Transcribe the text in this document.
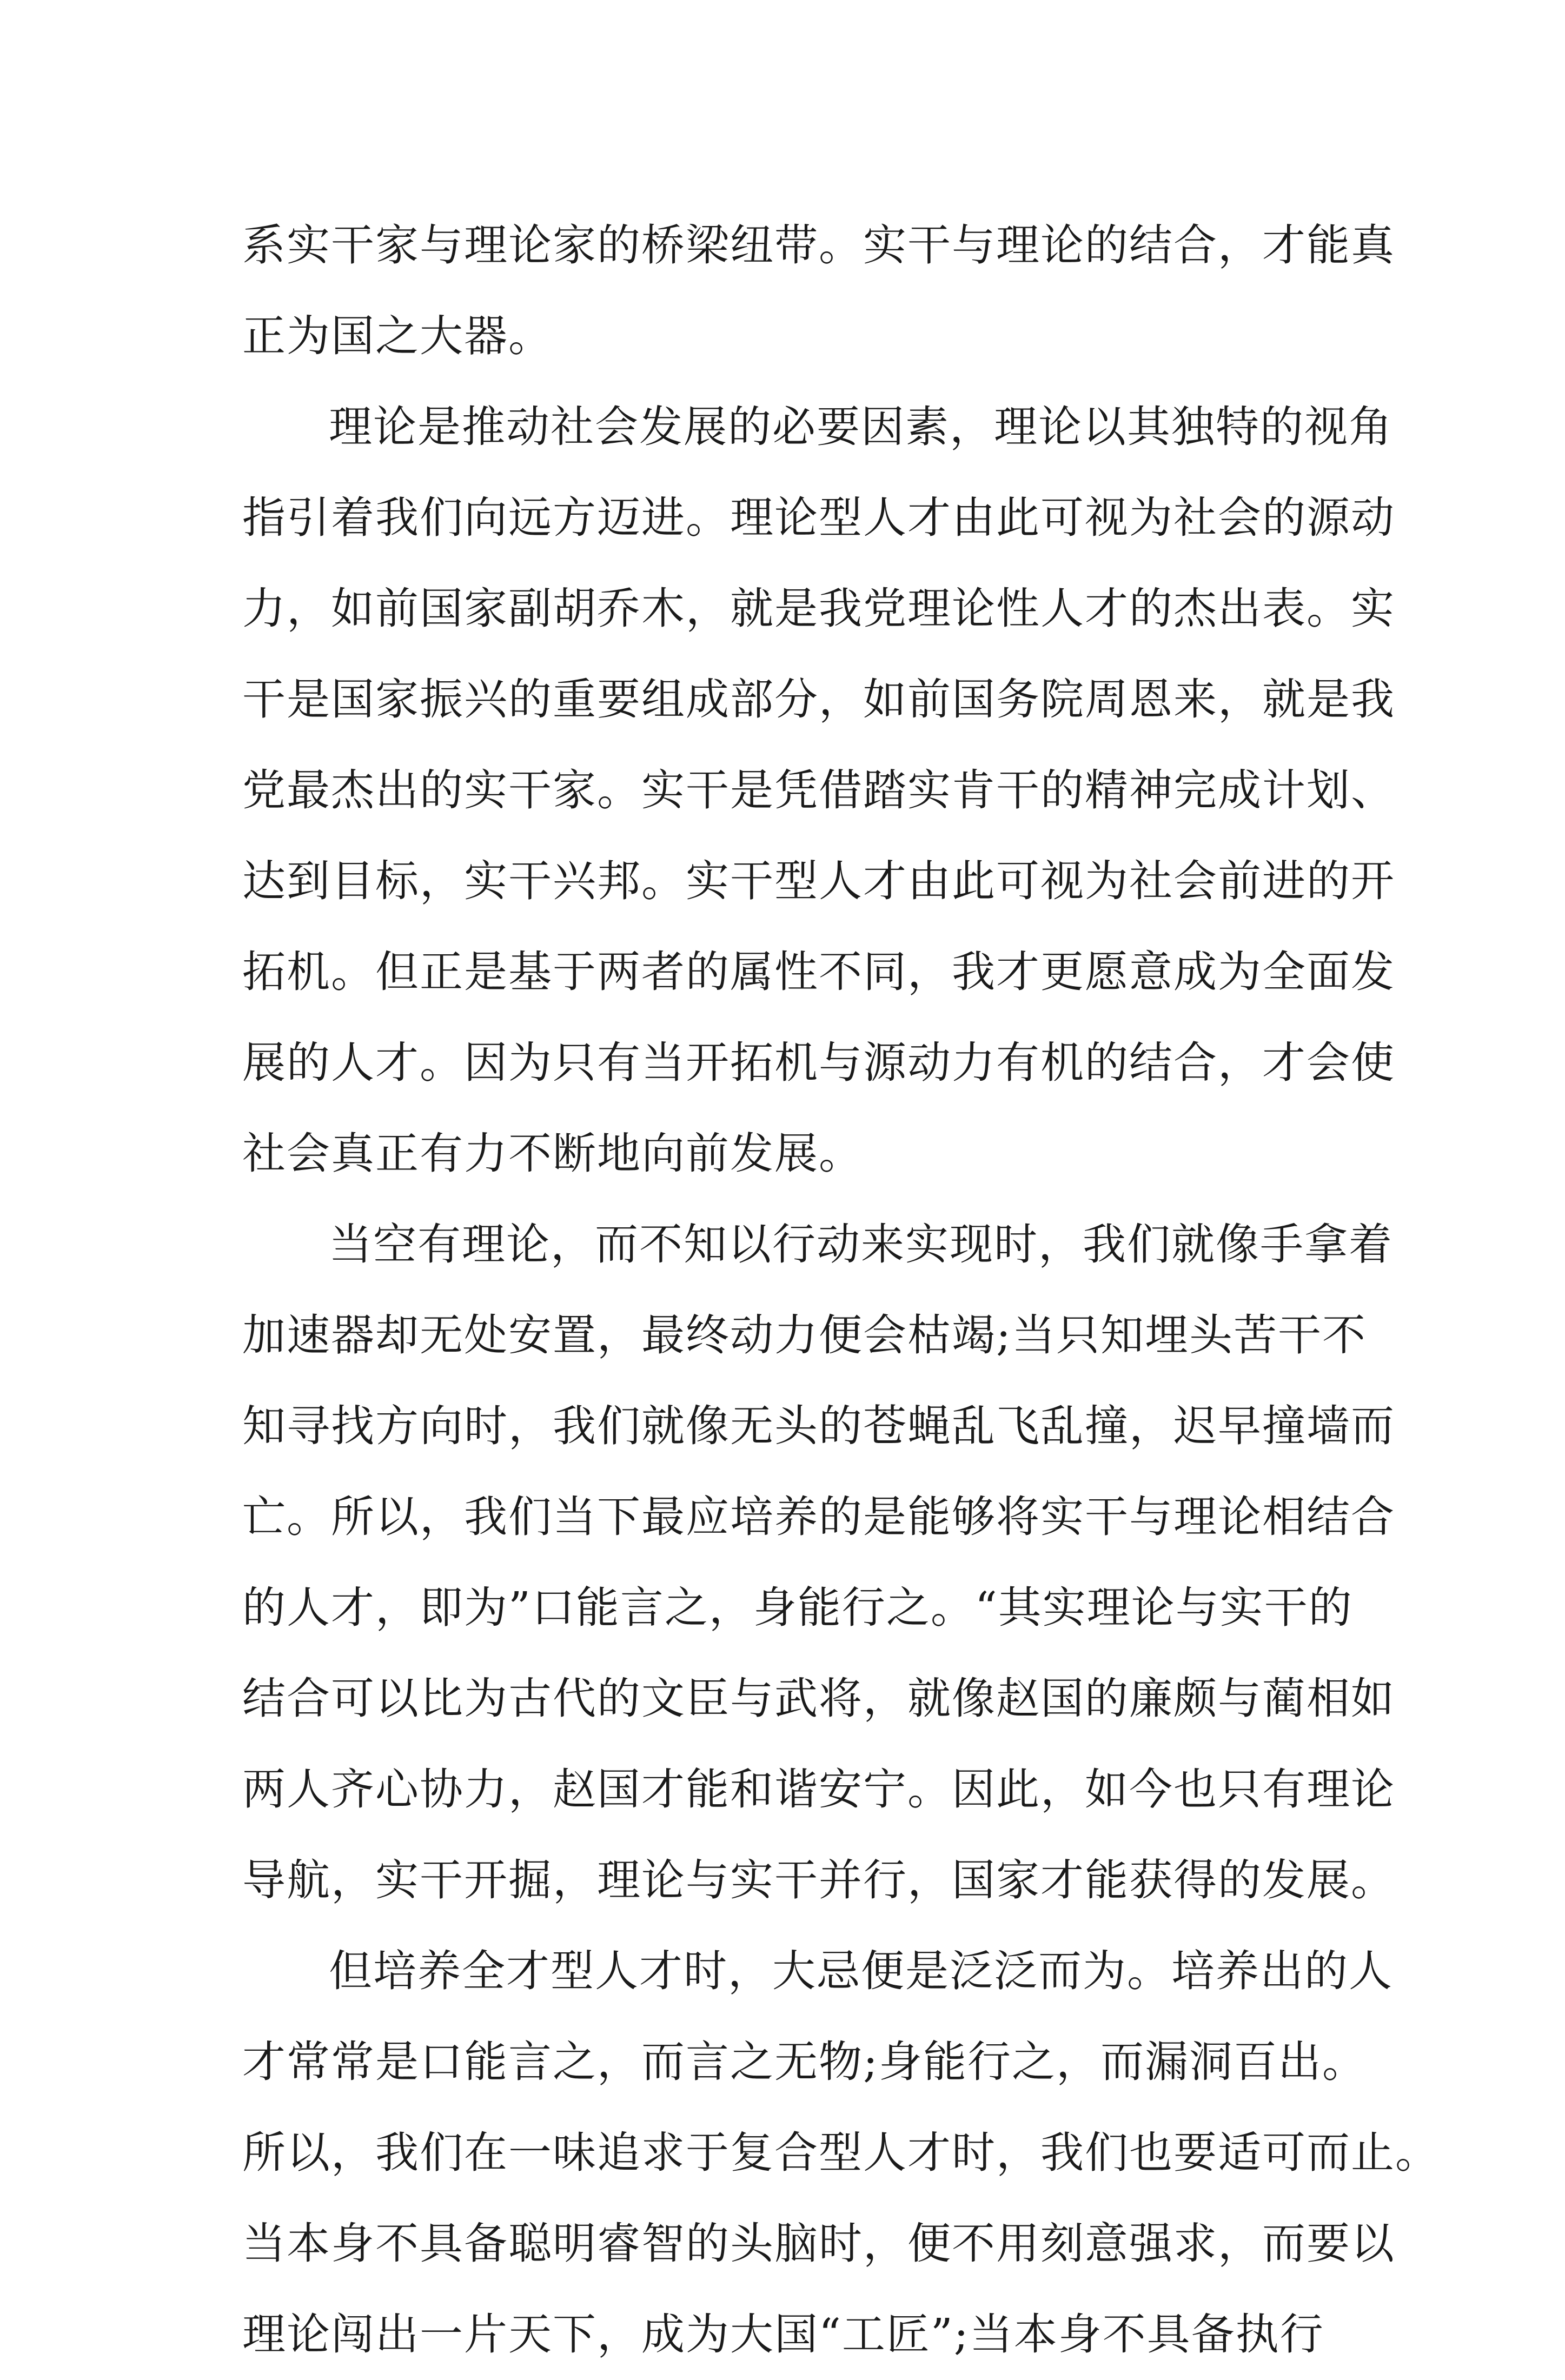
系实干家与理论家的桥梁纽带。实干与理论的结合，才能真
正为国之大器。
理论是推动社会发展的必要因素，理论以其独特的视角
指引着我们向远方迈进。理论型人才由此可视为社会的源动
力，如前国家副胡乔木，就是我党理论性人才的杰出表。实
干是国家振兴的重要组成部分，如前国务院周恩来，就是我
党最杰出的实干家。实干是凭借踏实肯干的精神完成计划、
达到目标，实干兴邦。实干型人才由此可视为社会前进的开
拓机。但正是基于两者的属性不同，我才更愿意成为全面发
展的人才。因为只有当开拓机与源动力有机的结合，才会使
社会真正有力不断地向前发展。
当空有理论，而不知以行动来实现时，我们就像手拿着
加速器却无处安置，最终动力便会枯竭;当只知埋头苦干不
知寻找方向时，我们就像无头的苍蝇乱飞乱撞，迟早撞墙而
亡。所以，我们当下最应培养的是能够将实干与理论相结合
的人才，即为”口能言之，身能行之。“其实理论与实干的
结合可以比为古代的文臣与武将，就像赵国的廉颇与蔺相如
两人齐心协力，赵国才能和谐安宁。因此，如今也只有理论
导航，实干开掘，理论与实干并行，国家才能获得的发展。
但培养全才型人才时，大忌便是泛泛而为。培养出的人
才常常是口能言之，而言之无物;身能行之，而漏洞百出。
所以，我们在一味追求于复合型人才时，我们也要适可而止。
当本身不具备聪明睿智的头脑时，便不用刻意强求，而要以
理论闯出一片天下，成为大国“工匠”;当本身不具备执行
